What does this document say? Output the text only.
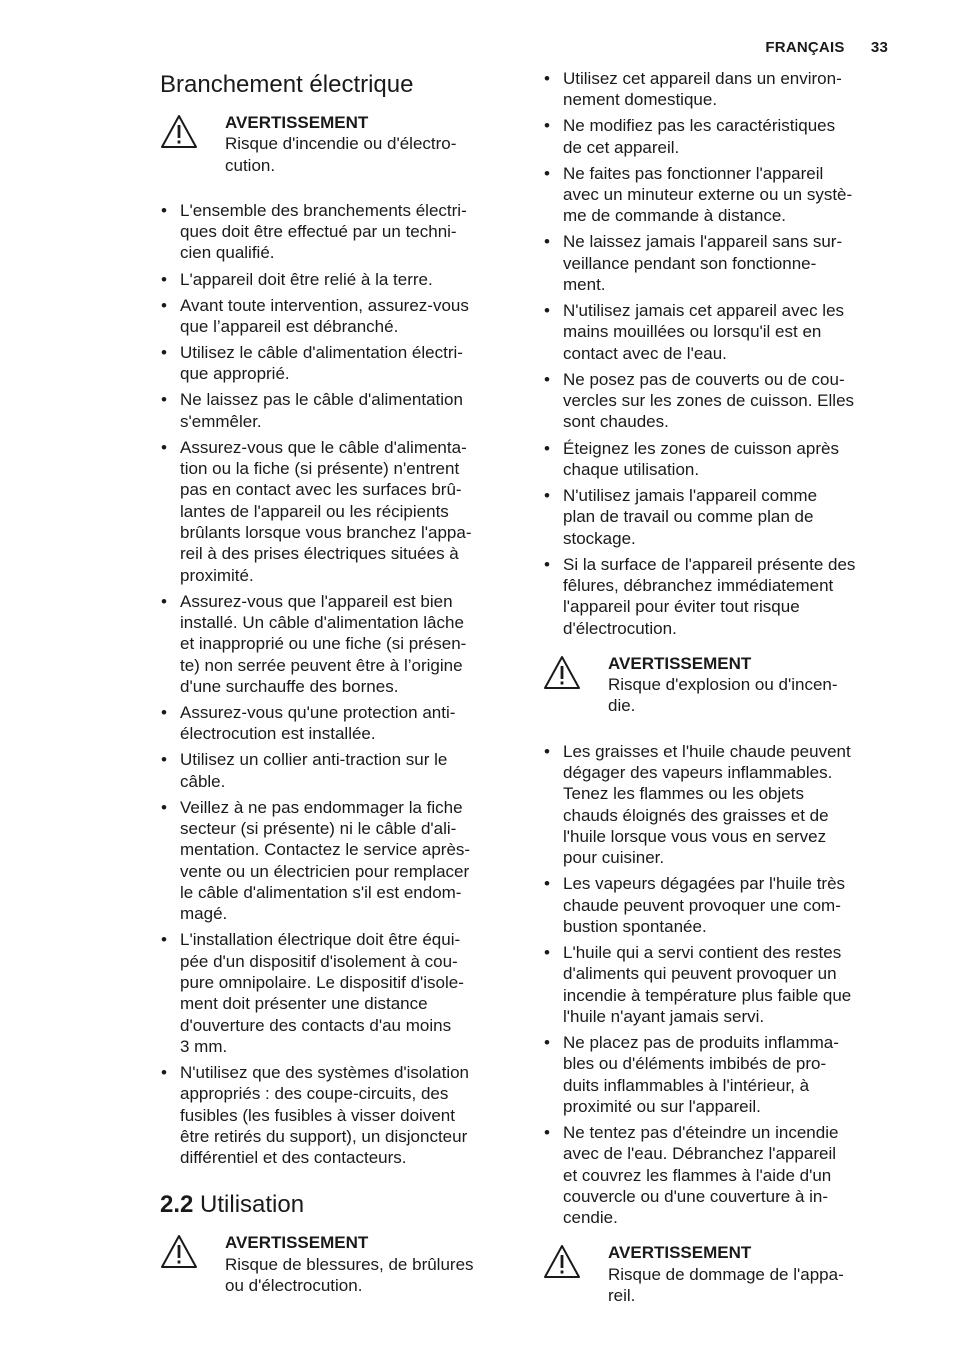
FRANÇAIS 33
Branchement électrique
AVERTISSEMENT
Risque d'incendie ou d'électro-
cution.
• L'ensemble des branchements électri-
ques doit être effectué par un techni-
cien qualifié.
• L'appareil doit être relié à la terre.
• Avant toute intervention, assurez-vous
que l’appareil est débranché.
• Utilisez le câble d'alimentation électri-
que approprié.
• Ne laissez pas le câble d'alimentation
s'emmêler.
• Assurez-vous que le câble d'alimenta-
tion ou la fiche (si présente) n'entrent
pas en contact avec les surfaces brû-
lantes de l'appareil ou les récipients
brûlants lorsque vous branchez l'appa-
reil à des prises électriques situées à
proximité.
• Assurez-vous que l'appareil est bien
installé. Un câble d'alimentation lâche
et inapproprié ou une fiche (si présen-
te) non serrée peuvent être à l’origine
d'une surchauffe des bornes.
• Assurez-vous qu'une protection anti-
électrocution est installée.
• Utilisez un collier anti-traction sur le
câble.
• Veillez à ne pas endommager la fiche
secteur (si présente) ni le câble d'ali-
mentation. Contactez le service après-
vente ou un électricien pour remplacer
le câble d'alimentation s'il est endom-
magé.
• L'installation électrique doit être équi-
pée d'un dispositif d'isolement à cou-
pure omnipolaire. Le dispositif d'isole-
ment doit présenter une distance
d'ouverture des contacts d'au moins
3 mm.
• N'utilisez que des systèmes d'isolation
appropriés : des coupe-circuits, des
fusibles (les fusibles à visser doivent
être retirés du support), un disjoncteur
différentiel et des contacteurs.
2.2 Utilisation
AVERTISSEMENT
Risque de blessures, de brûlures
ou d'électrocution.
• Utilisez cet appareil dans un environ-
nement domestique.
• Ne modifiez pas les caractéristiques
de cet appareil.
• Ne faites pas fonctionner l'appareil
avec un minuteur externe ou un systè-
me de commande à distance.
• Ne laissez jamais l'appareil sans sur-
veillance pendant son fonctionne-
ment.
• N'utilisez jamais cet appareil avec les
mains mouillées ou lorsqu'il est en
contact avec de l'eau.
• Ne posez pas de couverts ou de cou-
vercles sur les zones de cuisson. Elles
sont chaudes.
• Éteignez les zones de cuisson après
chaque utilisation.
• N'utilisez jamais l'appareil comme
plan de travail ou comme plan de
stockage.
• Si la surface de l'appareil présente des
fêlures, débranchez immédiatement
l'appareil pour éviter tout risque
d'électrocution.
AVERTISSEMENT
Risque d'explosion ou d'incen-
die.
• Les graisses et l'huile chaude peuvent
dégager des vapeurs inflammables.
Tenez les flammes ou les objets
chauds éloignés des graisses et de
l'huile lorsque vous vous en servez
pour cuisiner.
• Les vapeurs dégagées par l'huile très
chaude peuvent provoquer une com-
bustion spontanée.
• L'huile qui a servi contient des restes
d'aliments qui peuvent provoquer un
incendie à température plus faible que
l'huile n'ayant jamais servi.
• Ne placez pas de produits inflamma-
bles ou d'éléments imbibés de pro-
duits inflammables à l'intérieur, à
proximité ou sur l'appareil.
• Ne tentez pas d'éteindre un incendie
avec de l'eau. Débranchez l'appareil
et couvrez les flammes à l'aide d'un
couvercle ou d'une couverture à in-
cendie.
AVERTISSEMENT
Risque de dommage de l'appa-
reil.
